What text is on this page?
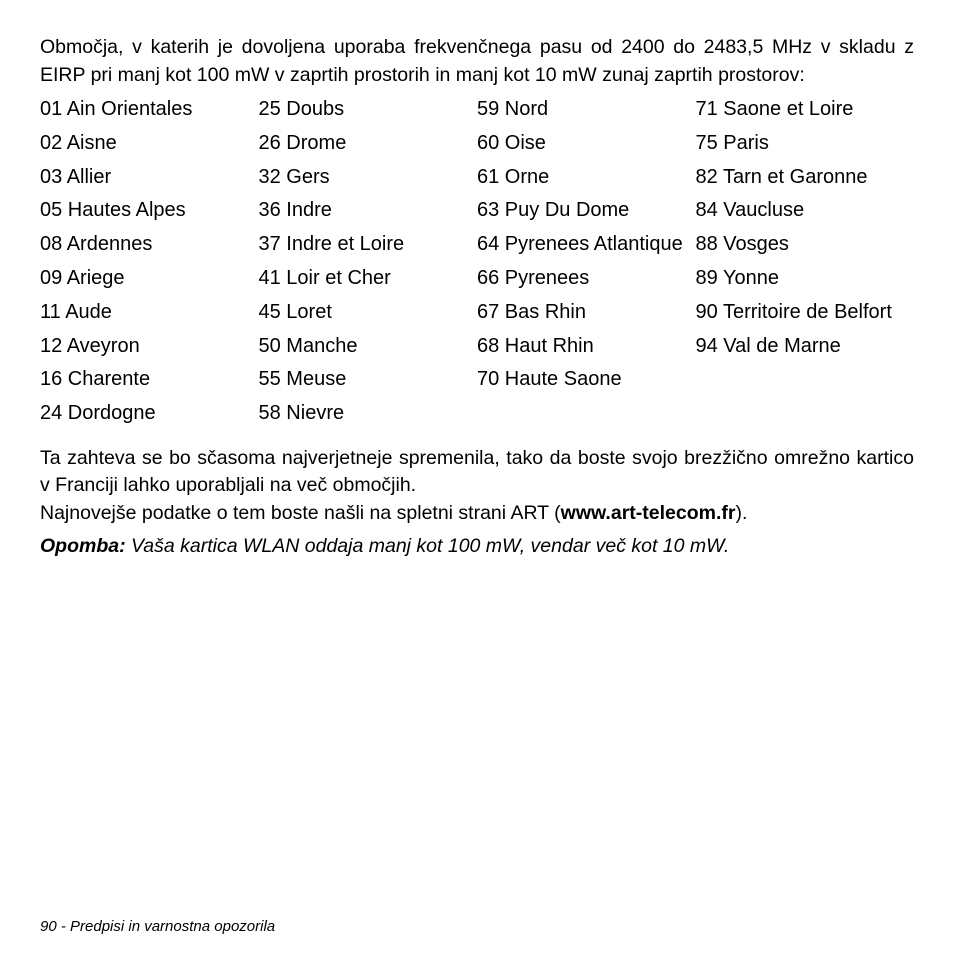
Območja, v katerih je dovoljena uporaba frekvenčnega pasu od 2400 do 2483,5 MHz v skladu z EIRP pri manj kot 100 mW v zaprtih prostorih in manj kot 10 mW zunaj zaprtih prostorov:

01 Ain Orientales

02 Aisne

03 Allier

05 Hautes Alpes

08 Ardennes

09 Ariege

11 Aude

12 Aveyron

16 Charente

24 Dordogne

25 Doubs

26 Drome

32 Gers

36 Indre

37 Indre et Loire

41 Loir et Cher

45 Loret

50 Manche

55 Meuse

58 Nievre

59 Nord

60 Oise

61 Orne

63 Puy Du Dome

64 Pyrenees Atlantique

66 Pyrenees

67 Bas Rhin

68 Haut Rhin

70 Haute Saone

71 Saone et Loire

75 Paris

82 Tarn et Garonne

84 Vaucluse

88 Vosges

89 Yonne

90 Territoire de Belfort

94 Val de Marne

Ta zahteva se bo sčasoma najverjetneje spremenila, tako da boste svojo brezžično omrežno kartico v Franciji lahko uporabljali na več območjih.

Najnovejše podatke o tem boste našli na spletni strani ART (www.art-telecom.fr).

Opomba: Vaša kartica WLAN oddaja manj kot 100 mW, vendar več kot 10 mW.

90 - Predpisi in varnostna opozorila
